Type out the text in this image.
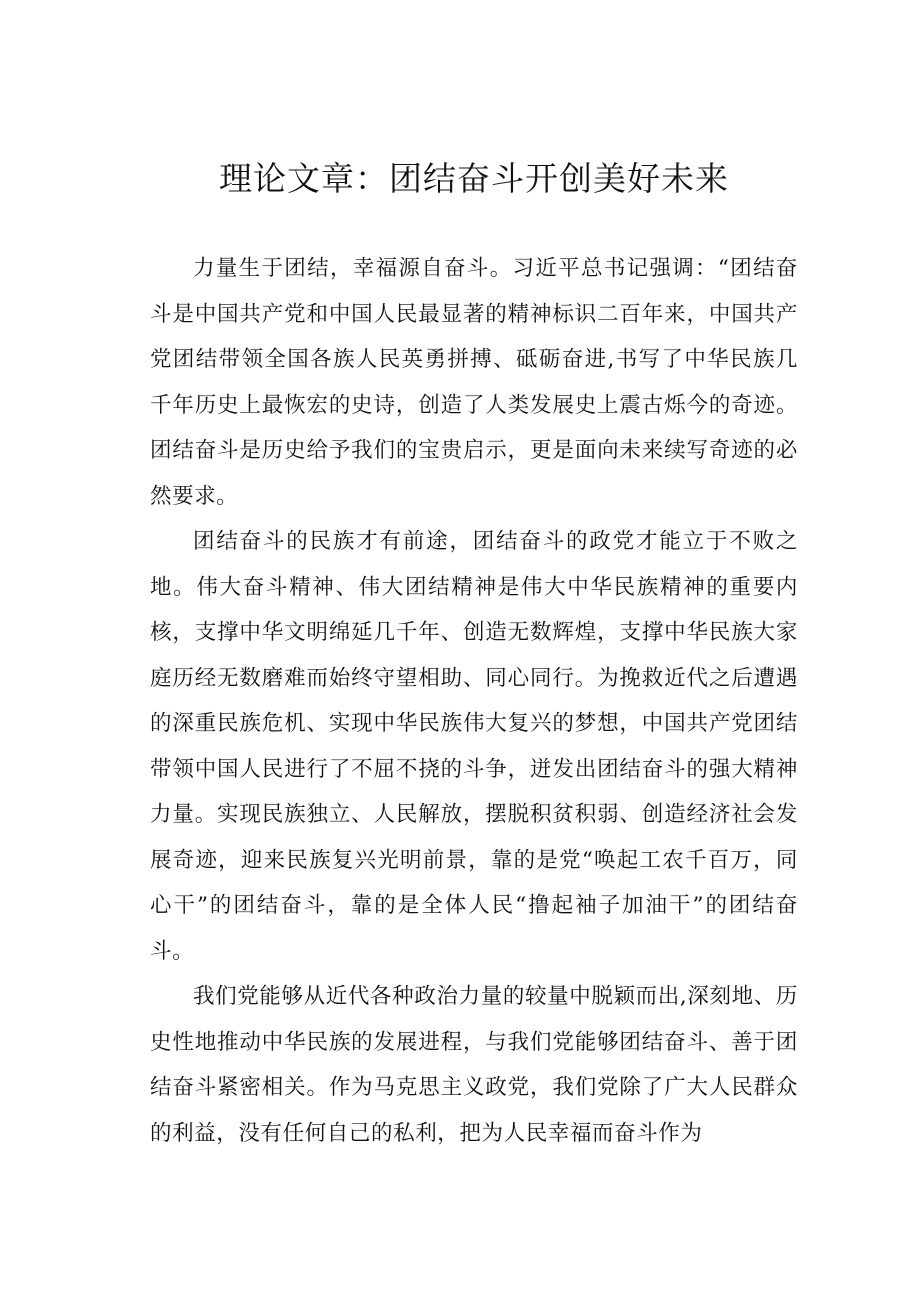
理论文章：团结奋斗开创美好未来

力量生于团结，幸福源自奋斗。习近平总书记强调：“团结奋斗是中国共产党和中国人民最显著的精神标识二百年来，中国共产党团结带领全国各族人民英勇拼搏、砥砺奋进,书写了中华民族几千年历史上最恢宏的史诗，创造了人类发展史上震古烁今的奇迹。团结奋斗是历史给予我们的宝贵启示，更是面向未来续写奇迹的必然要求。

团结奋斗的民族才有前途，团结奋斗的政党才能立于不败之地。伟大奋斗精神、伟大团结精神是伟大中华民族精神的重要内核，支撑中华文明绵延几千年、创造无数辉煌，支撑中华民族大家庭历经无数磨难而始终守望相助、同心同行。为挽救近代之后遭遇的深重民族危机、实现中华民族伟大复兴的梦想，中国共产党团结带领中国人民进行了不屈不挠的斗争，迸发出团结奋斗的强大精神力量。实现民族独立、人民解放，摆脱积贫积弱、创造经济社会发展奇迹，迎来民族复兴光明前景，靠的是党“唤起工农千百万，同心干”的团结奋斗，靠的是全体人民“撸起袖子加油干”的团结奋斗。

我们党能够从近代各种政治力量的较量中脱颖而出,深刻地、历史性地推动中华民族的发展进程，与我们党能够团结奋斗、善于团结奋斗紧密相关。作为马克思主义政党，我们党除了广大人民群众的利益，没有任何自己的私利，把为人民幸福而奋斗作为
